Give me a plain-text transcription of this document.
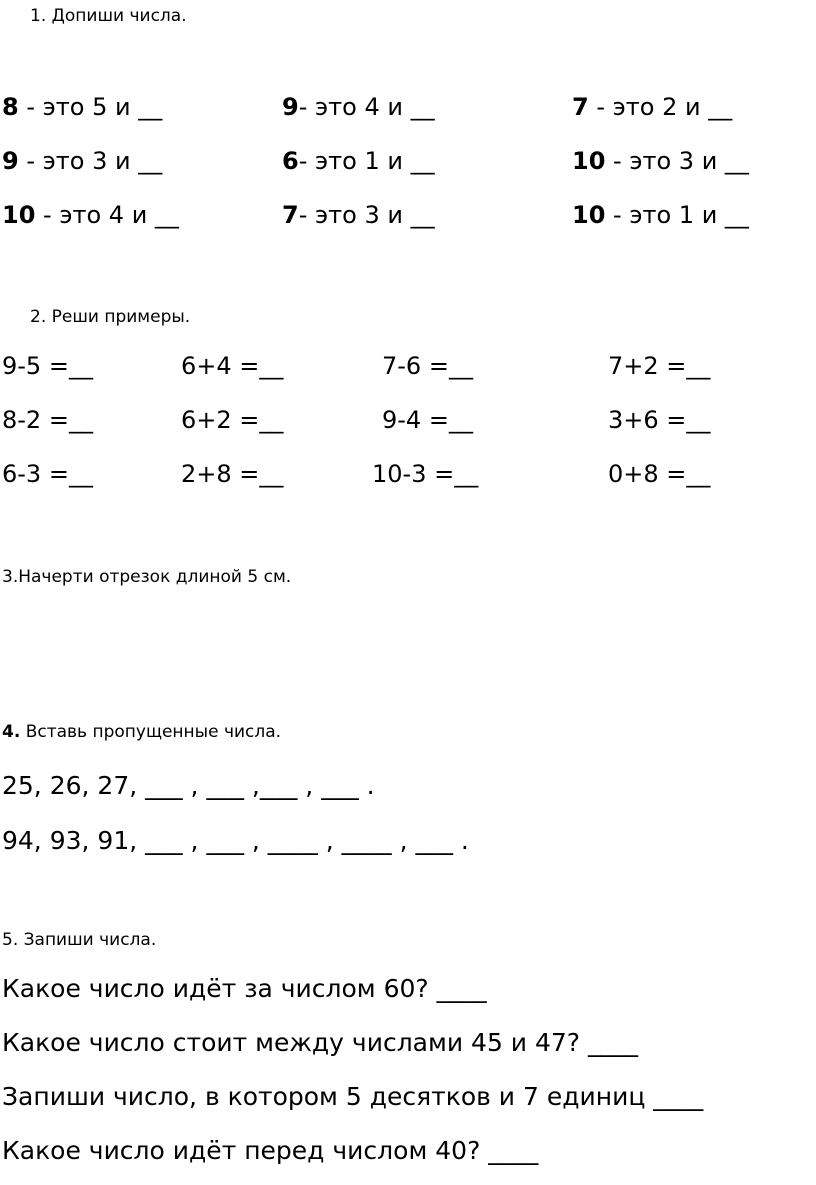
1. Допиши числа.
8 - это 5 и __	9- это 4 и __	7 - это 2 и __
9 - это 3 и __	6- это 1 и __	10 - это 3 и __
10 - это 4 и __	7- это 3 и __	10 - это 1 и __
2. Реши примеры.
9-5 =__	6+4 =__	7-6 =__	7+2 =__
8-2 =__	6+2 =__	9-4 =__	3+6 =__
6-3 =__	2+8 =__	10-3 =__	0+8 =__
3.Начерти отрезок длиной 5 см.
4. Вставь пропущенные числа.
25, 26, 27, ___ , ___ ,___ , ___ .
94, 93, 91, ___ , ___ , ____ , ____ , ___ .
5. Запиши числа.
Какое число идёт за числом 60? ____
Какое число стоит между числами 45 и 47? ____
Запиши число, в котором 5 десятков и 7 единиц ____
Какое число идёт перед числом 40? ____
